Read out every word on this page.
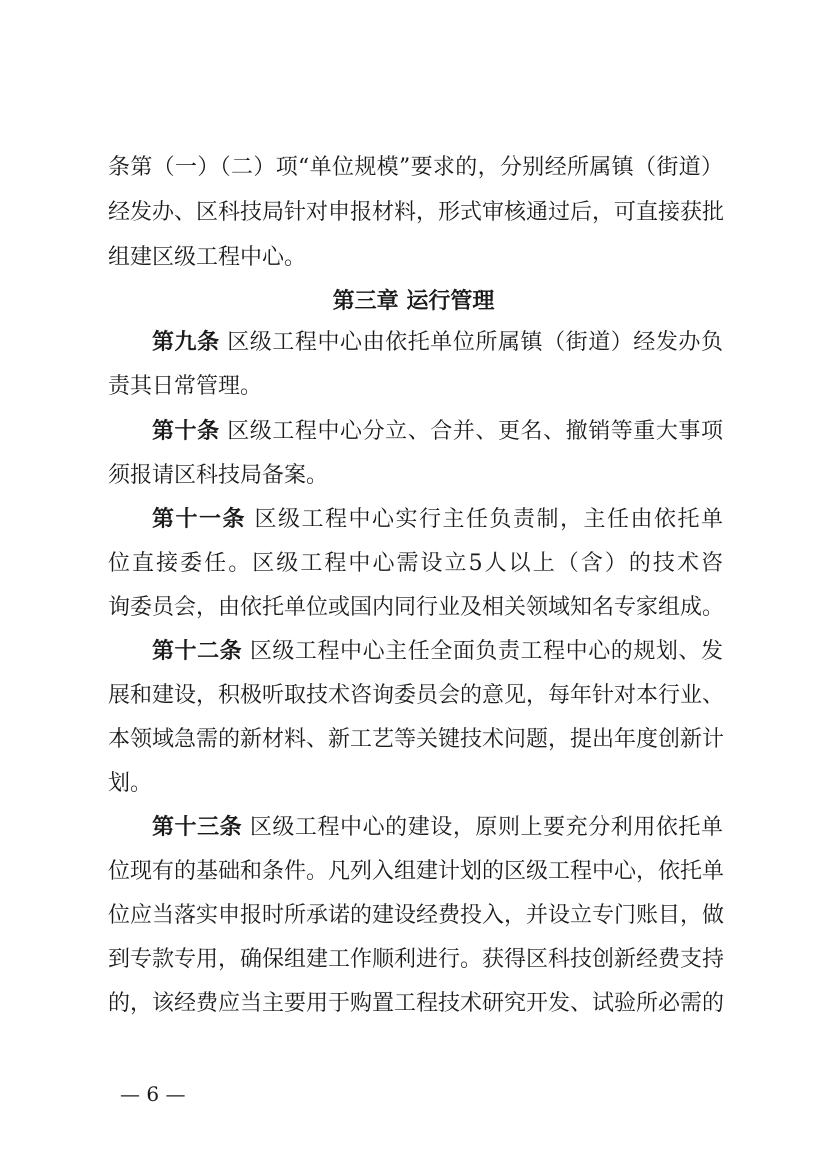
条第（一）（二）项“单位规模”要求的，分别经所属镇（街道）
经发办、区科技局针对申报材料，形式审核通过后，可直接获批
组建区级工程中心。
第三章 运行管理
第九条 区级工程中心由依托单位所属镇（街道）经发办负
责其日常管理。
第十条 区级工程中心分立、合并、更名、撤销等重大事项
须报请区科技局备案。
第十一条 区级工程中心实行主任负责制，主任由依托单
位直接委任。区级工程中心需设立5人以上（含）的技术咨
询委员会，由依托单位或国内同行业及相关领域知名专家组成。
第十二条 区级工程中心主任全面负责工程中心的规划、发
展和建设，积极听取技术咨询委员会的意见，每年针对本行业、
本领域急需的新材料、新工艺等关键技术问题，提出年度创新计
划。
第十三条 区级工程中心的建设，原则上要充分利用依托单
位现有的基础和条件。凡列入组建计划的区级工程中心，依托单
位应当落实申报时所承诺的建设经费投入，并设立专门账目，做
到专款专用，确保组建工作顺利进行。获得区科技创新经费支持
的，该经费应当主要用于购置工程技术研究开发、试验所必需的
— 6 —
